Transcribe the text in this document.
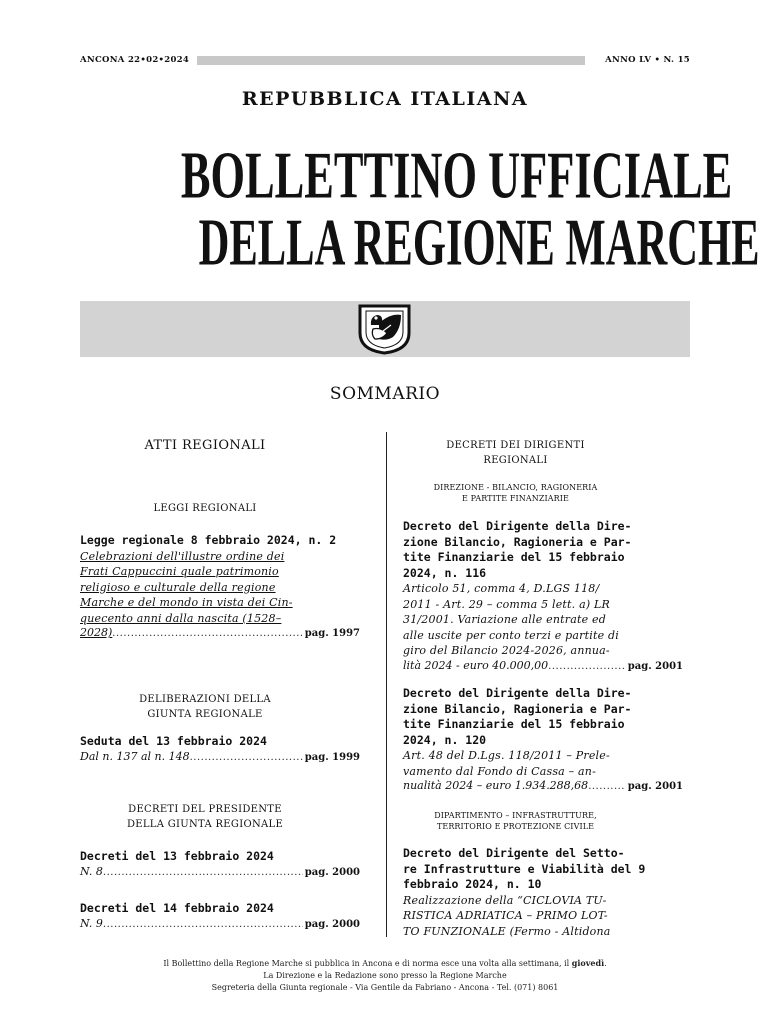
ANCONA 22•02•2024	ANNO LV • N. 15
REPUBBLICA ITALIANA
BOLLETTINO UFFICIALE
DELLA REGIONE MARCHE
SOMMARIO
ATTI REGIONALI
LEGGI REGIONALI
Legge regionale 8 febbraio 2024, n. 2
Celebrazioni dell'illustre ordine dei
Frati Cappuccini quale patrimonio
religioso e culturale della regione
Marche e del mondo in vista dei Cin-
quecento anni dalla nascita (1528–
2028) .....	pag. 1997
DELIBERAZIONI DELLA
GIUNTA REGIONALE
Seduta del 13 febbraio 2024
Dal n. 137 al n. 148 .....	pag. 1999
DECRETI DEL PRESIDENTE
DELLA GIUNTA REGIONALE
Decreti del 13 febbraio 2024
N. 8 .....	pag. 2000
Decreti del 14 febbraio 2024
N. 9 .....	pag. 2000
DECRETI DEI DIRIGENTI
REGIONALI
DIREZIONE - BILANCIO, RAGIONERIA
E PARTITE FINANZIARIE
Decreto del Dirigente della Dire-
zione Bilancio, Ragioneria e Par-
tite Finanziarie del 15 febbraio
2024, n. 116
Articolo 51, comma 4, D.LGS 118/
2011 - Art. 29 – comma 5 lett. a) LR
31/2001. Variazione alle entrate ed
alle uscite per conto terzi e partite di
giro del Bilancio 2024-2026, annua-
lità 2024 - euro 40.000,00 .....	pag. 2001
Decreto del Dirigente della Dire-
zione Bilancio, Ragioneria e Par-
tite Finanziarie del 15 febbraio
2024, n. 120
Art. 48 del D.Lgs. 118/2011 – Prele-
vamento dal Fondo di Cassa – an-
nualità 2024 – euro 1.934.288,68 .....	pag. 2001
DIPARTIMENTO – INFRASTRUTTURE,
TERRITORIO E PROTEZIONE CIVILE
Decreto del Dirigente del Setto-
re Infrastrutture e Viabilità del 9
febbraio 2024, n. 10
Realizzazione della “CICLOVIA TU-
RISTICA ADRIATICA – PRIMO LOT-
TO FUNZIONALE (Fermo - Altidona
Il Bollettino della Regione Marche si pubblica in Ancona e di norma esce una volta alla settimana, il giovedì.
La Direzione e la Redazione sono presso la Regione Marche
Segreteria della Giunta regionale - Via Gentile da Fabriano - Ancona - Tel. (071) 8061
